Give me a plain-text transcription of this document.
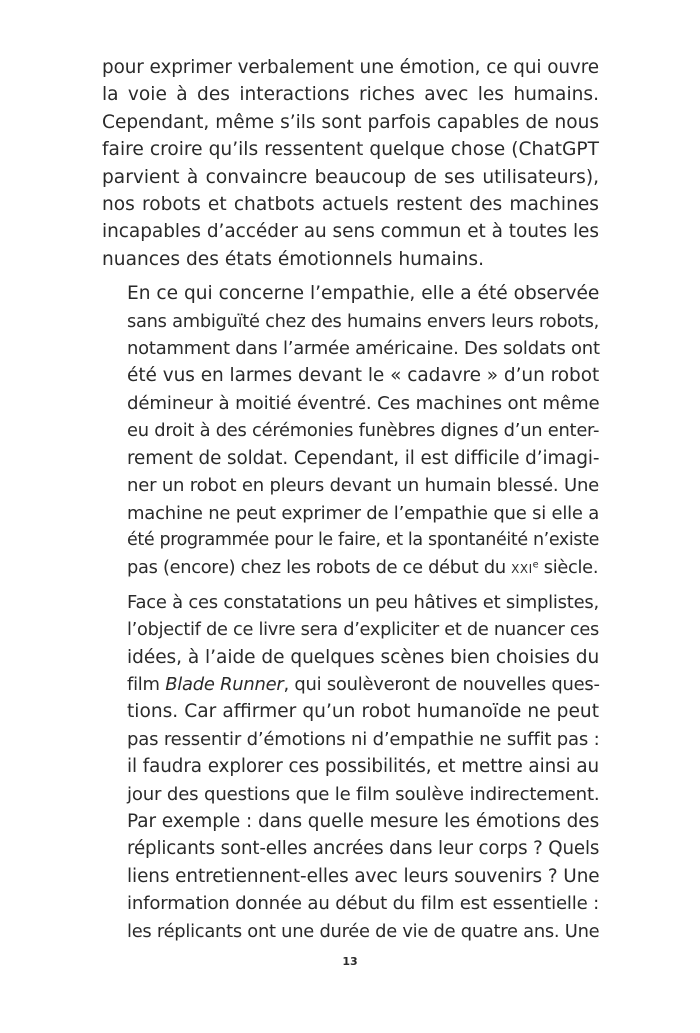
pour exprimer verbalement une émotion, ce qui ouvre
la voie à des interactions riches avec les humains.
Cependant, même s’ils sont parfois capables de nous
faire croire qu’ils ressentent quelque chose (ChatGPT
parvient à convaincre beaucoup de ses utilisateurs),
nos robots et chatbots actuels restent des machines
incapables d’accéder au sens commun et à toutes les
nuances des états émotionnels humains.

En ce qui concerne l’empathie, elle a été observée
sans ambiguïté chez des humains envers leurs robots,
notamment dans l’armée américaine. Des soldats ont
été vus en larmes devant le « cadavre » d’un robot
démineur à moitié éventré. Ces machines ont même
eu droit à des cérémonies funèbres dignes d’un enter-
rement de soldat. Cependant, il est difficile d’imagi-
ner un robot en pleurs devant un humain blessé. Une
machine ne peut exprimer de l’empathie que si elle a
été programmée pour le faire, et la spontanéité n’existe
pas (encore) chez les robots de ce début du xxi$^e$ siècle.

Face à ces constatations un peu hâtives et simplistes,
l’objectif de ce livre sera d’expliciter et de nuancer ces
idées, à l’aide de quelques scènes bien choisies du
film Blade Runner, qui soulèveront de nouvelles ques-
tions. Car affirmer qu’un robot humanoïde ne peut
pas ressentir d’émotions ni d’empathie ne suffit pas :
il faudra explorer ces possibilités, et mettre ainsi au
jour des questions que le film soulève indirectement.
Par exemple : dans quelle mesure les émotions des
réplicants sont-elles ancrées dans leur corps ? Quels
liens entretiennent-elles avec leurs souvenirs ? Une
information donnée au début du film est essentielle :
les réplicants ont une durée de vie de quatre ans. Une

13
